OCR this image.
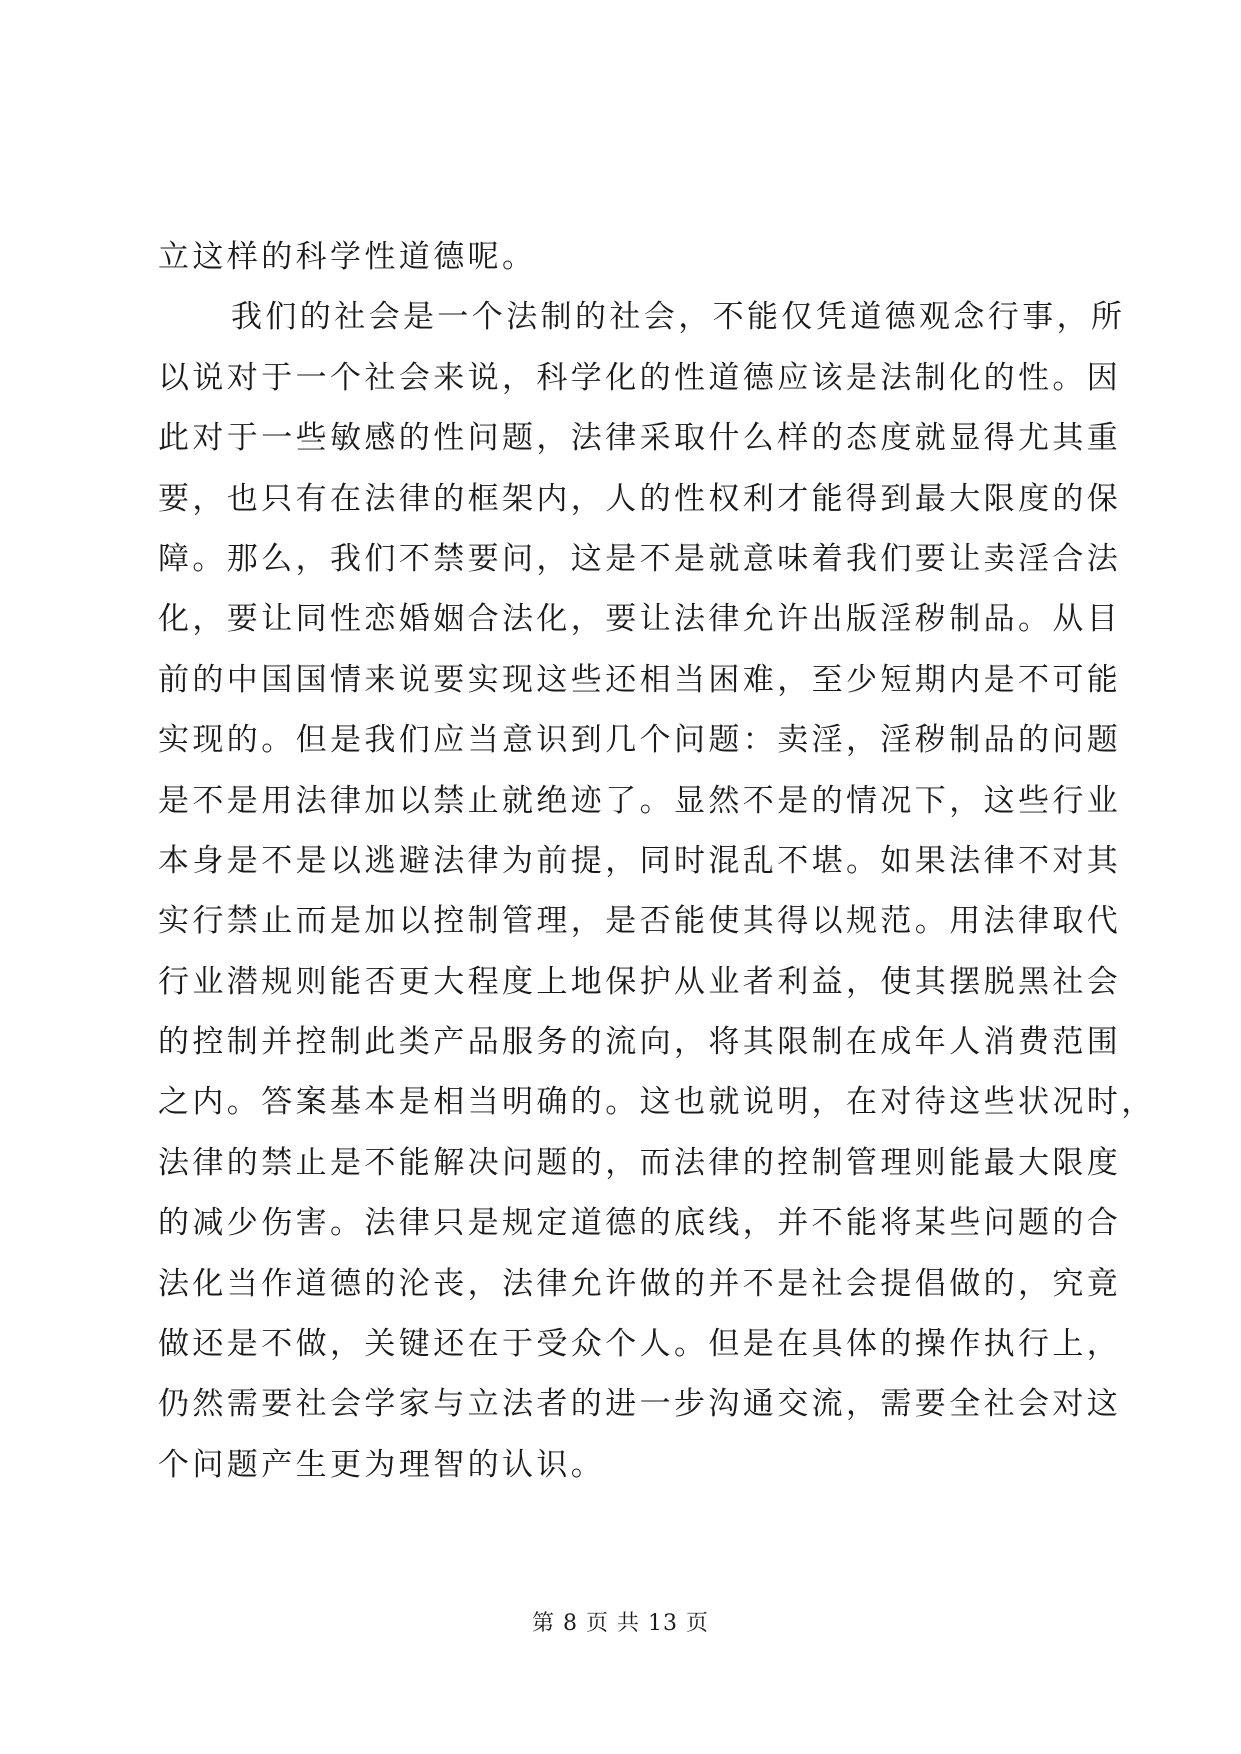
立这样的科学性道德呢。
我们的社会是一个法制的社会，不能仅凭道德观念行事，所
以说对于一个社会来说，科学化的性道德应该是法制化的性。因
此对于一些敏感的性问题，法律采取什么样的态度就显得尤其重
要，也只有在法律的框架内，人的性权利才能得到最大限度的保
障。那么，我们不禁要问，这是不是就意味着我们要让卖淫合法
化，要让同性恋婚姻合法化，要让法律允许出版淫秽制品。从目
前的中国国情来说要实现这些还相当困难，至少短期内是不可能
实现的。但是我们应当意识到几个问题：卖淫，淫秽制品的问题
是不是用法律加以禁止就绝迹了。显然不是的情况下，这些行业
本身是不是以逃避法律为前提，同时混乱不堪。如果法律不对其
实行禁止而是加以控制管理，是否能使其得以规范。用法律取代
行业潜规则能否更大程度上地保护从业者利益，使其摆脱黑社会
的控制并控制此类产品服务的流向，将其限制在成年人消费范围
之内。答案基本是相当明确的。这也就说明，在对待这些状况时，
法律的禁止是不能解决问题的，而法律的控制管理则能最大限度
的减少伤害。法律只是规定道德的底线，并不能将某些问题的合
法化当作道德的沦丧，法律允许做的并不是社会提倡做的，究竟
做还是不做，关键还在于受众个人。但是在具体的操作执行上，
仍然需要社会学家与立法者的进一步沟通交流，需要全社会对这
个问题产生更为理智的认识。
第 8 页 共 13 页
